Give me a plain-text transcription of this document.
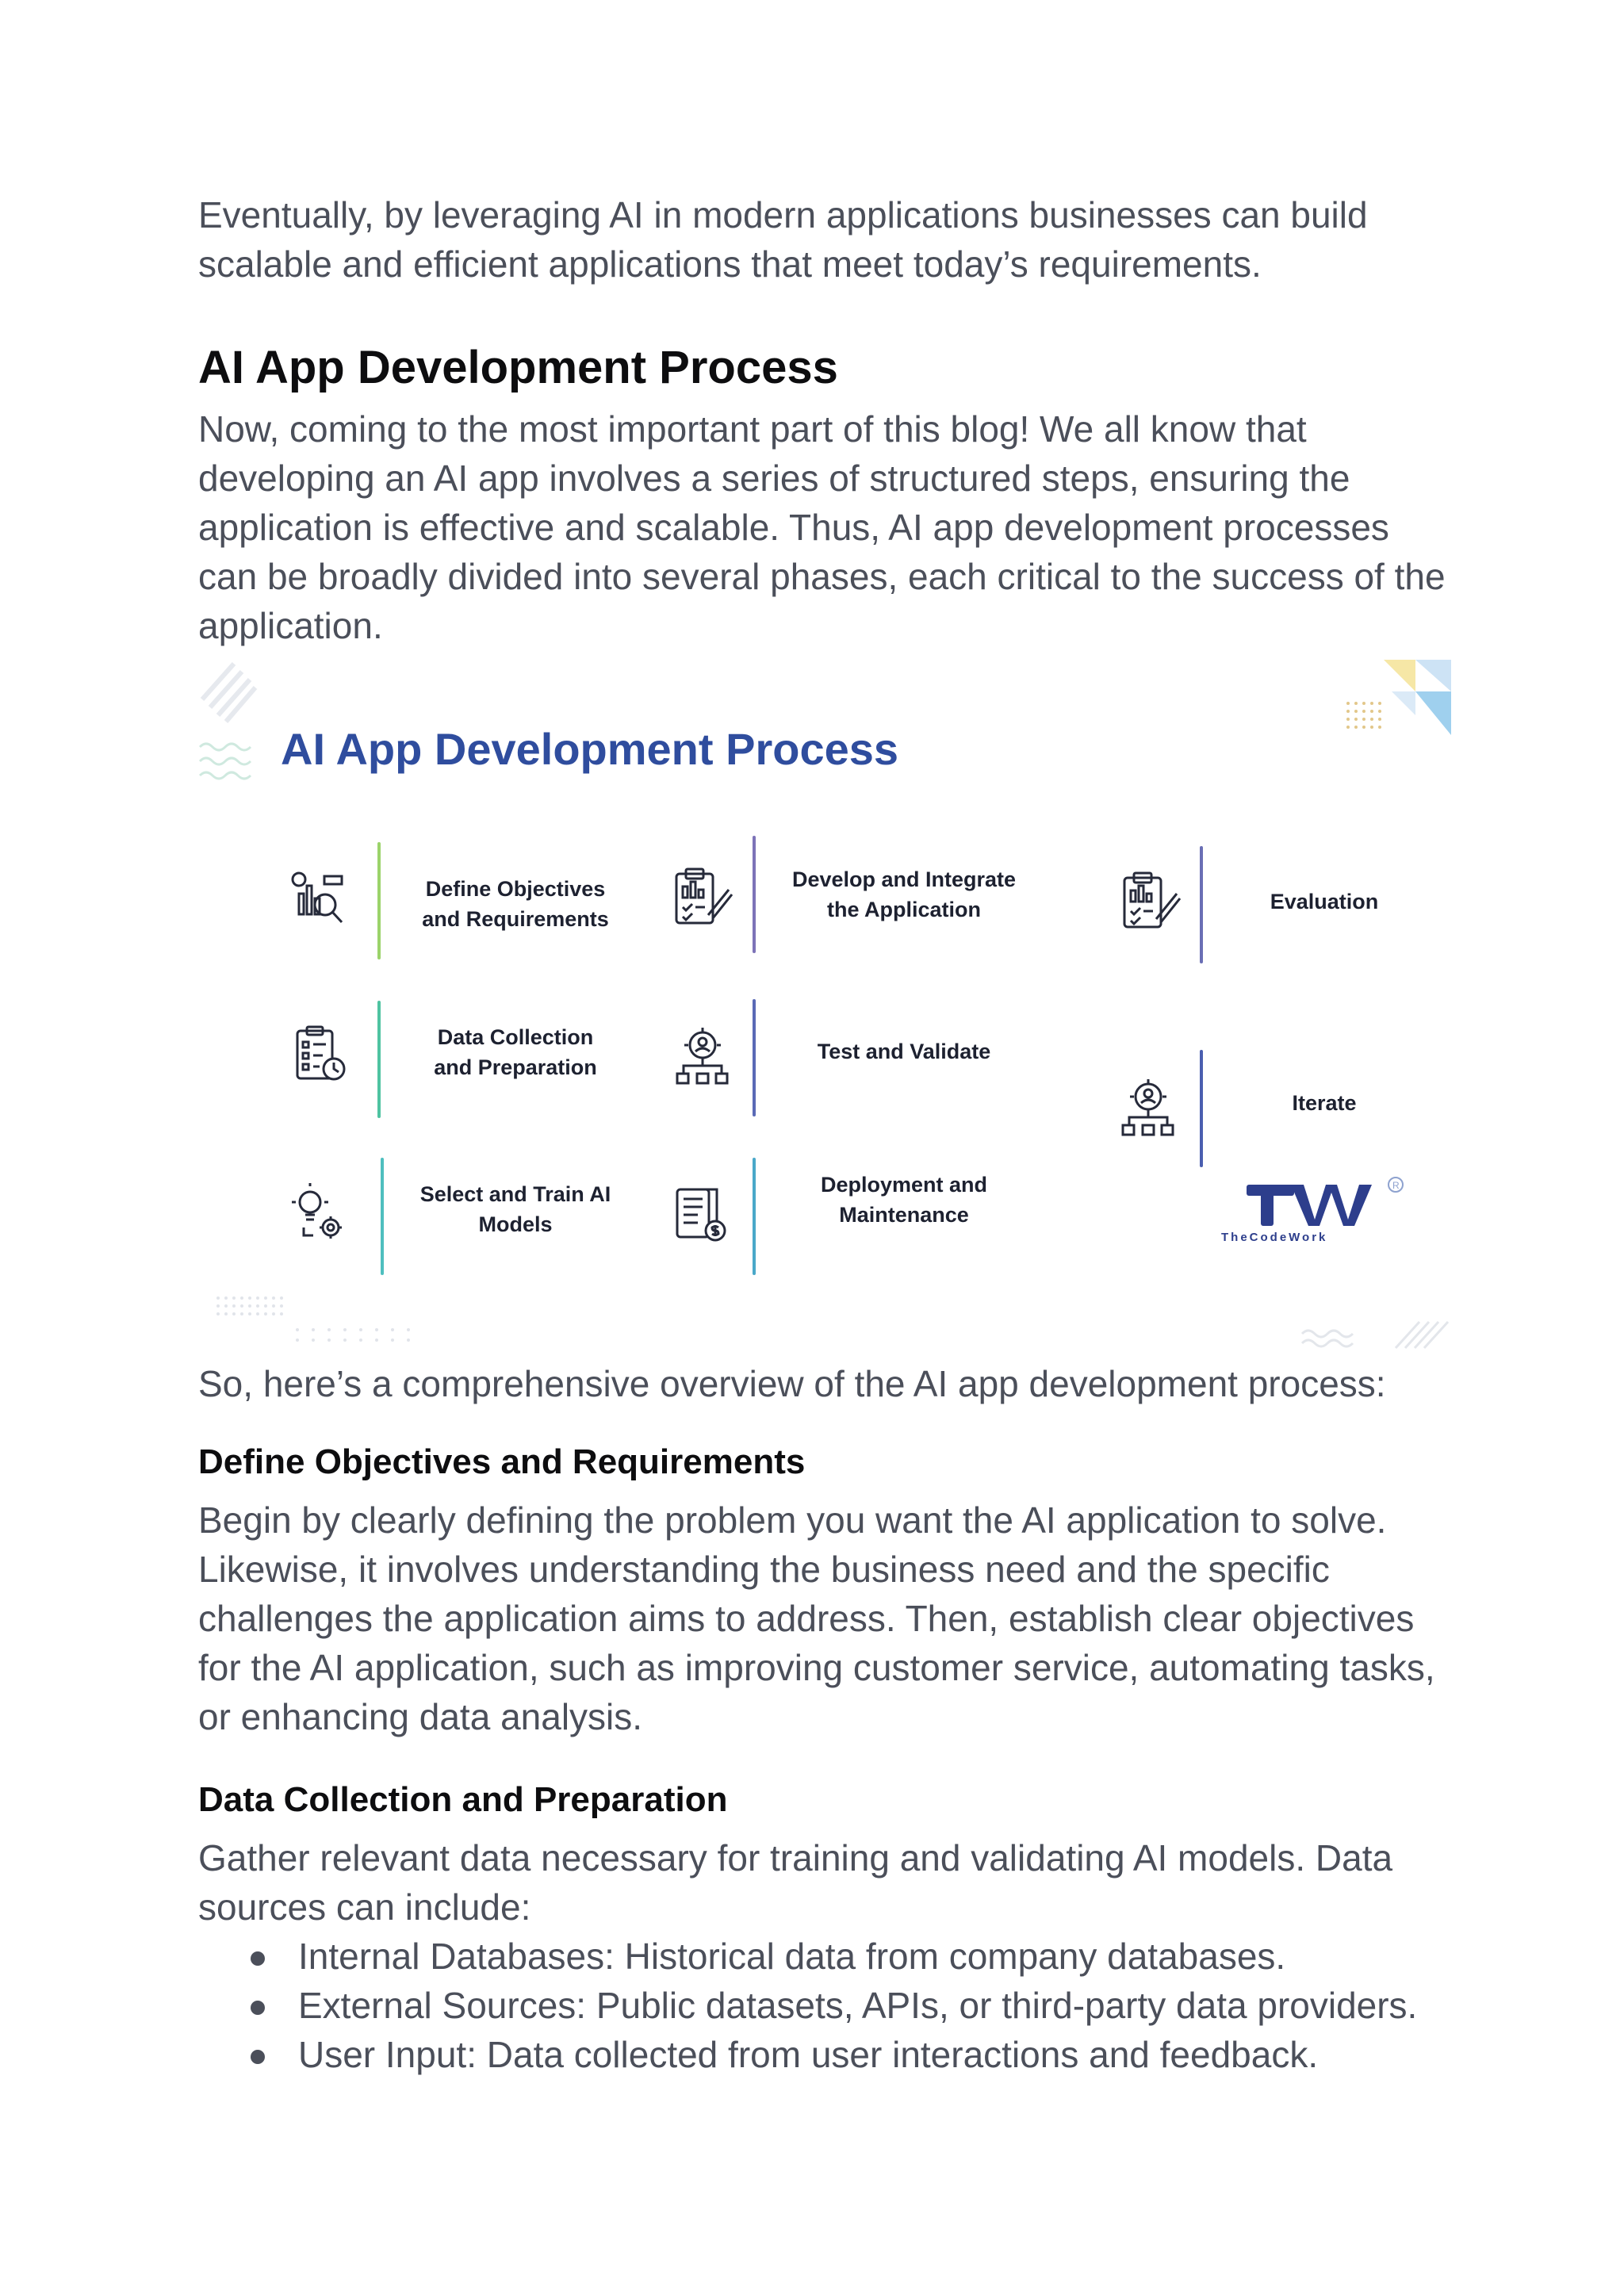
Eventually, by leveraging AI in modern applications businesses can build scalable and efficient applications that meet today’s requirements.

AI App Development Process

Now, coming to the most important part of this blog! We all know that developing an AI app involves a series of structured steps, ensuring the application is effective and scalable. Thus, AI app development processes can be broadly divided into several phases, each critical to the success of the application.

AI App Development Process
Define Objectives
and Requirements
Data Collection
and Preparation
Select and Train AI
Models
Develop and Integrate
the Application
Test and Validate
Deployment and
Maintenance
Evaluation
Iterate
R
TheCodeWork

So, here’s a comprehensive overview of the AI app development process:

Define Objectives and Requirements

Begin by clearly defining the problem you want the AI application to solve. Likewise, it involves understanding the business need and the specific challenges the application aims to address. Then, establish clear objectives for the AI application, such as improving customer service, automating tasks, or enhancing data analysis.

Data Collection and Preparation

Gather relevant data necessary for training and validating AI models. Data sources can include:

Internal Databases: Historical data from company databases.
External Sources: Public datasets, APIs, or third-party data providers.
User Input: Data collected from user interactions and feedback.
